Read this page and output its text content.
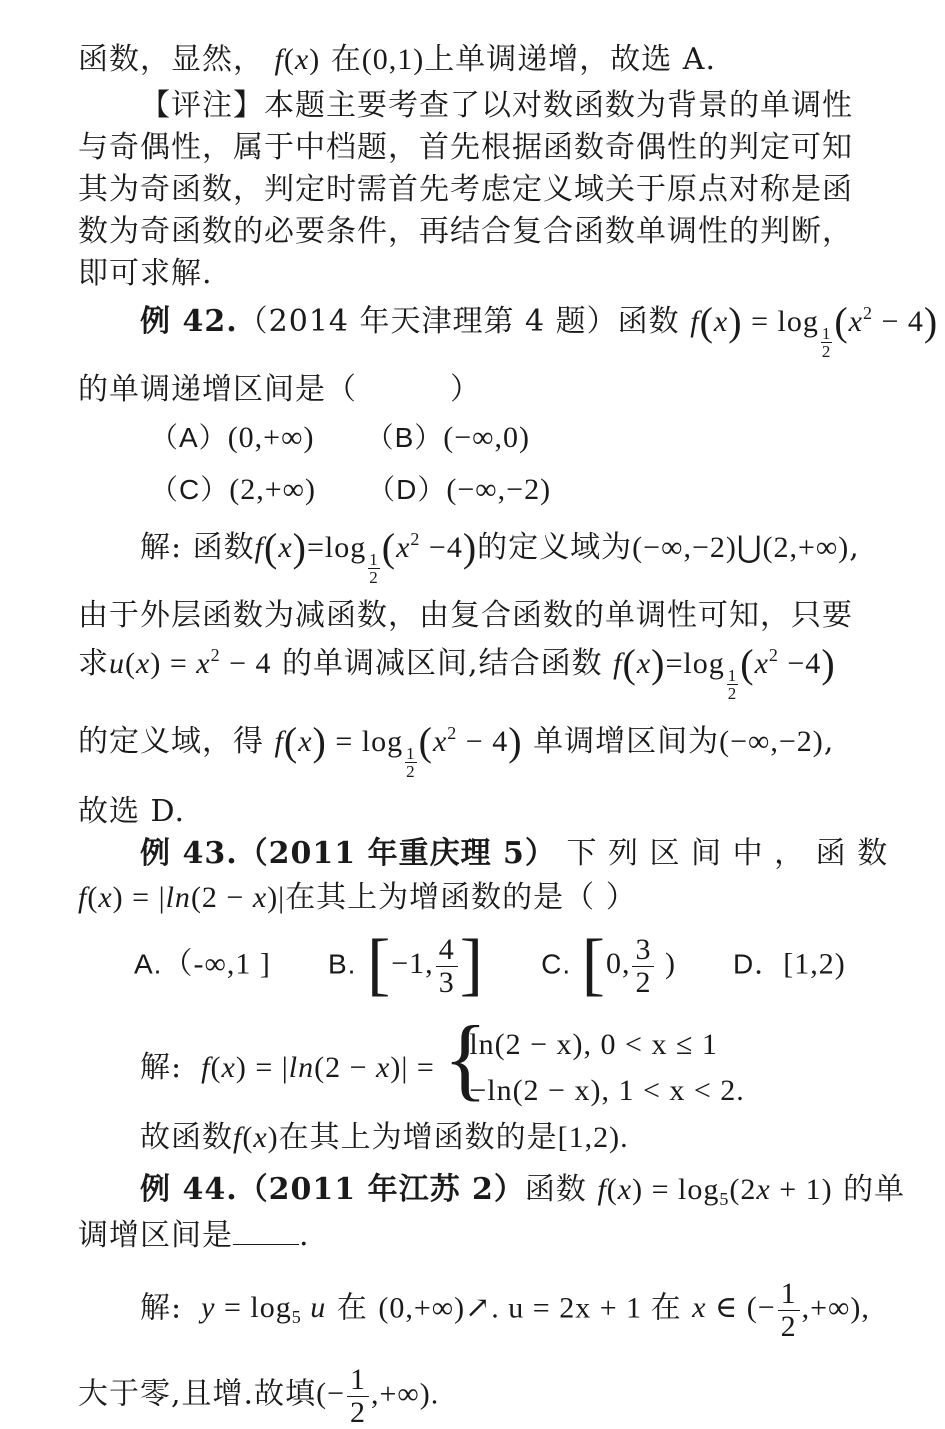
函数，显然， f(x) 在(0,1)上单调递增，故选 A.
【评注】本题主要考查了以对数函数为背景的单调性
与奇偶性，属于中档题，首先根据函数奇偶性的判定可知
其为奇函数，判定时需首先考虑定义域关于原点对称是函
数为奇函数的必要条件，再结合复合函数单调性的判断，
即可求解.
例 42.（2014 年天津理第 4 题）函数 f(x) = log
$\frac{1}{2} (x^2 - 4)$
的单调递增区间是（　　　）
（A）(0,+∞) （B）(−∞,0)
（C）(2,+∞) （D）(−∞,−2)
解: 函数f(x)=log
$\frac{1}{2} (x^2 -4)$的定义域为(−∞,−2)⋃(2,+∞),
由于外层函数为减函数，由复合函数的单调性可知，只要
求$u(x) = x^2 - 4$ 的单调减区间,结合函数 f(x)=log
$\frac{1}{2} (x^2 -4)$
的定义域，得 f(x) = log
$\frac{1}{2} (x^2 - 4)$ 单调增区间为(−∞,−2),
故选 D.
例 43.（2011 年重庆理 5） 下 列 区 间 中 ， 函 数
f(x) = |ln(2 − x)|在其上为增函数的是（ ）
A.（-∞,1 ] B. [−1, $\frac{4}{3}$ ] C. [0, $\frac{3}{2}$ ) D．[1,2)
解: f(x) = |ln(2 − x)| = {
ln(2 − x), 0 < x ≤ 1
−ln(2 − x), 1 < x < 2.
故函数f(x)在其上为增函数的是[1,2).
例 44.（2011 年江苏 2）函数 $f(x) = \log_5(2x + 1)$ 的单
调增区间是 .
解: $y = \log_5 u$ 在 (0,+∞)↗. u = 2x + 1 在 x ∈ (− $\frac{1}{2}$ ,+∞),
大于零,且增.故填(− $\frac{1}{2}$ ,+∞).
